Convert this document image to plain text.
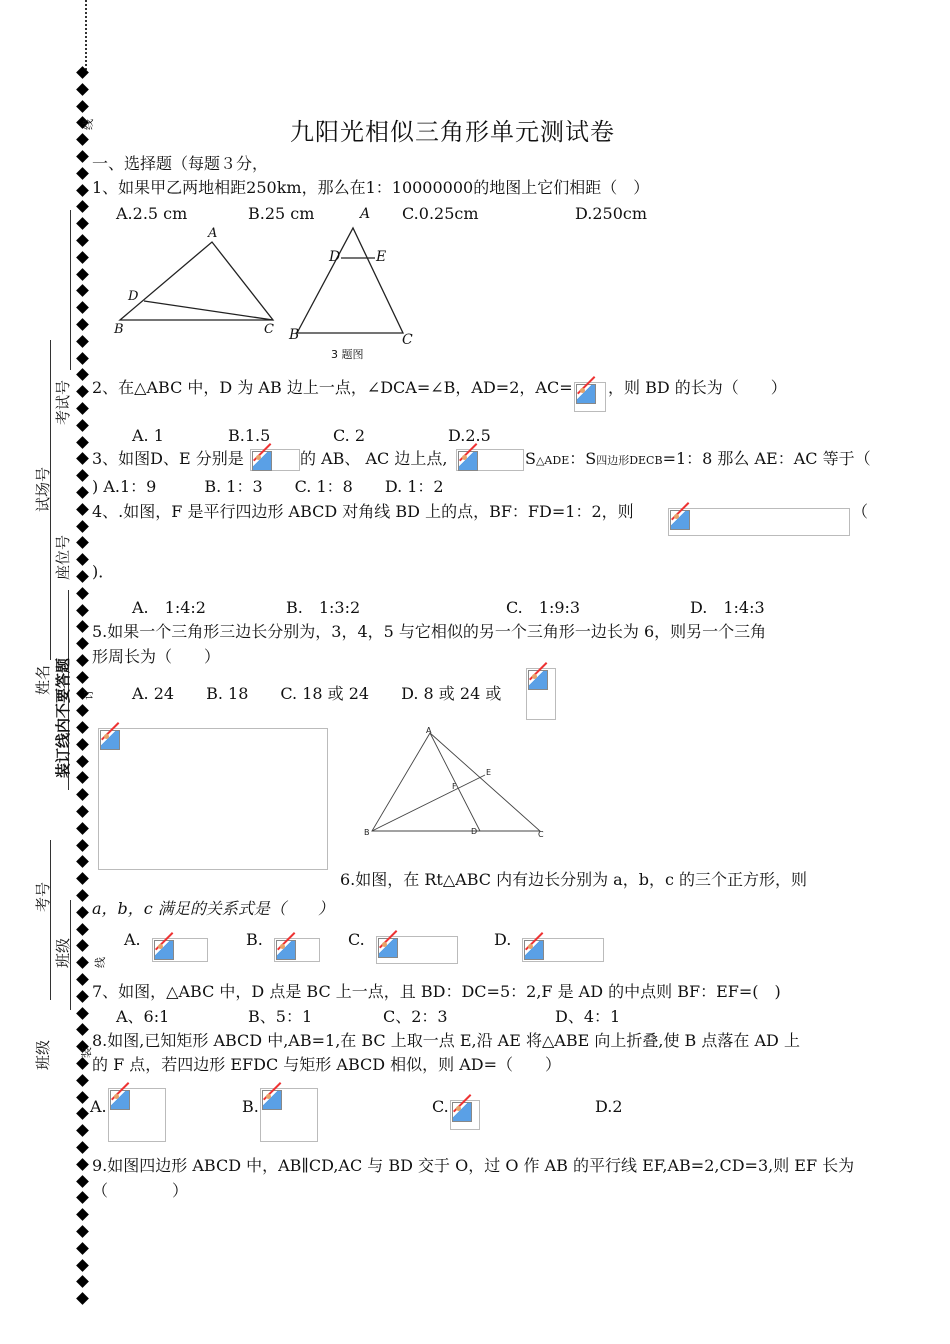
考试号
试场号
座位号
姓名 装订线内不要答题
考号
班级
班级
线
订
线
装
九阳光相似三角形单元测试卷
一、选择题（每题３分，
1、如果甲乙两地相距250km，那么在1：10000000的地图上它们相距（　）
A.2.5 cm	B.25 cm	C.0.25cm	D.250cm
A
B	C
D
A
B	C
D	E
3 题图
2、在△ABC 中，D 为 AB 边上一点，∠DCA=∠B，AD=2，AC= ，则 BD 的长为（　　）
A. 1	B.1.5	C. 2	D.2.5
3、如图D、E 分别是	的 AB、 AC 边上点,	S△ADE：S四边形DECB=1：8 那么 AE：AC 等于（
) A.1：9　　　B. 1：3　　C. 1：8　　D. 1：2
4、.如图，F 是平行四边形 ABCD 对角线 BD 上的点，BF：FD=1：2，则	（
)．
A.　1:4:2	B.　1:3:2	C.　1:9:3	D.　1:4:3
5.如果一个三角形三边长分别为，3，4，5 与它相似的另一个三角形一边长为 6，则另一个三角
形周长为（　　）
A. 24　　B. 18　　C. 18 或 24　　D. 8 或 24 或
A
B	C
D
E
F
6.如图，在 Rt△ABC 内有边长分别为 a，b，c 的三个正方形，则
a，b，c 满足的关系式是（　　）
A.	B.	C.	D.
7、如图，△ABC 中，D 点是 BC 上一点，且 BD：DC=5：2,F 是 AD 的中点则 BF：EF=(　)
A、6:1	B、5：1	C、2：3	D、4：1
8.如图,已知矩形 ABCD 中,AB=1,在 BC 上取一点 E,沿 AE 将△ABE 向上折叠,使 B 点落在 AD 上
的 F 点，若四边形 EFDC 与矩形 ABCD 相似，则 AD=（　　）
A.	B.	C.	D.2
9.如图四边形 ABCD 中，AB∥CD,AC 与 BD 交于 O，过 O 作 AB 的平行线 EF,AB=2,CD=3,则 EF 长为
（　　　　）
